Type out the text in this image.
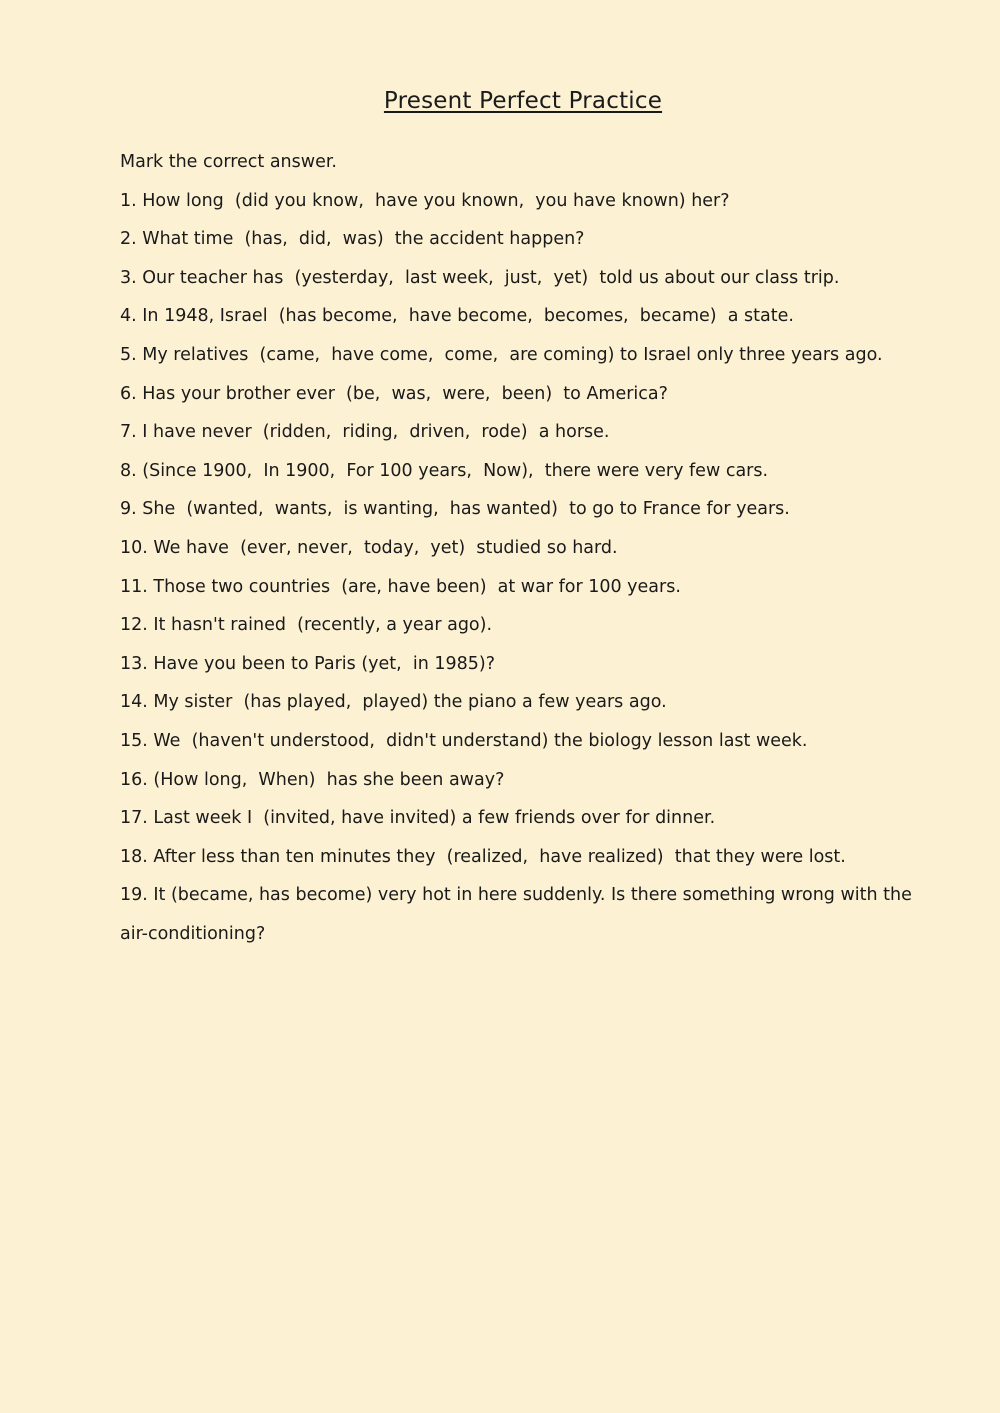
Present Perfect Practice

Mark the correct answer.

1. How long  (did you know,  have you known,  you have known) her?

2. What time  (has,  did,  was)  the accident happen?

3. Our teacher has  (yesterday,  last week,  just,  yet)  told us about our class trip.

4. In 1948, Israel  (has become,  have become,  becomes,  became)  a state.

5. My relatives  (came,  have come,  come,  are coming) to Israel only three years ago.

6. Has your brother ever  (be,  was,  were,  been)  to America?

7. I have never  (ridden,  riding,  driven,  rode)  a horse.

8. (Since 1900,  In 1900,  For 100 years,  Now),  there were very few cars.

9. She  (wanted,  wants,  is wanting,  has wanted)  to go to France for years.

10. We have  (ever, never,  today,  yet)  studied so hard.

11. Those two countries  (are, have been)  at war for 100 years.

12. It hasn't rained  (recently, a year ago).

13. Have you been to Paris (yet,  in 1985)?

14. My sister  (has played,  played) the piano a few years ago.

15. We  (haven't understood,  didn't understand) the biology lesson last week.

16. (How long,  When)  has she been away?

17. Last week I  (invited, have invited) a few friends over for dinner.

18. After less than ten minutes they  (realized,  have realized)  that they were lost.

19. It (became, has become) very hot in here suddenly. Is there something wrong with the air-conditioning?
